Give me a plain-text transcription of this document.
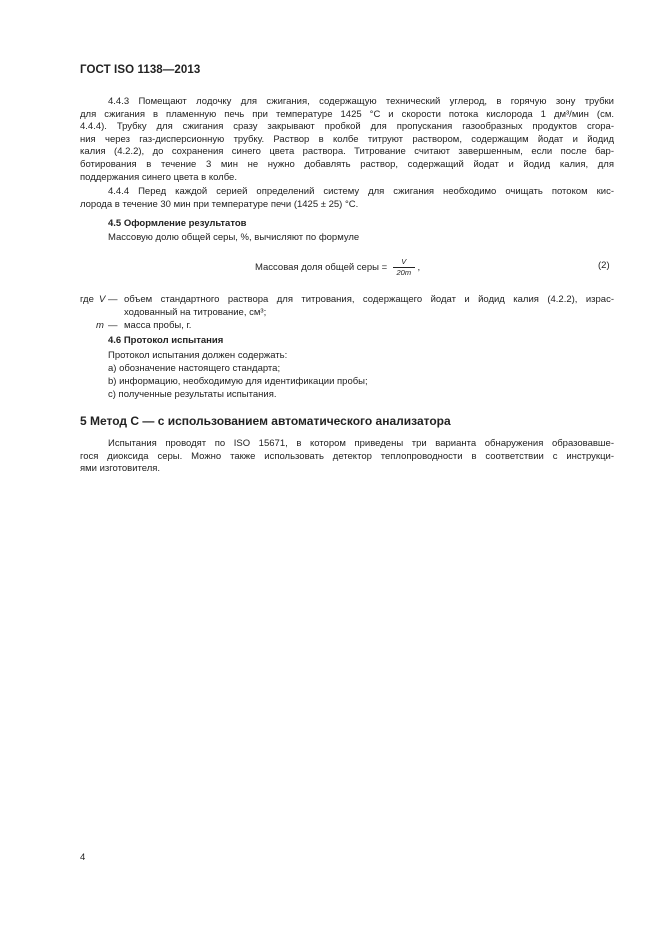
ГОСТ ISO 1138—2013
4.4.3 Помещают лодочку для сжигания, содержащую технический углерод, в горячую зону трубки
для сжигания в пламенную печь при температуре 1425 °C и скорости потока кислорода 1 дм³/мин (см.
4.4.4). Трубку для сжигания сразу закрывают пробкой для пропускания газообразных продуктов сгора-
ния через газ-дисперсионную трубку. Раствор в колбе титруют раствором, содержащим йодат и йодид
калия (4.2.2), до сохранения синего цвета раствора. Титрование считают завершенным, если после бар-
ботирования в течение 3 мин не нужно добавлять раствор, содержащий йодат и йодид калия, для
поддержания синего цвета в колбе.
4.4.4 Перед каждой серией определений систему для сжигания необходимо очищать потоком кис-
лорода в течение 30 мин при температуре печи (1425 ± 25) °C.
4.5 Оформление результатов
Массовую долю общей серы, %, вычисляют по формуле
Массовая доля общей серы = $\frac{V}{20m}$ ,	(2)
где V — объем стандартного раствора для титрования, содержащего йодат и йодид калия (4.2.2), израс-
ходованный на титрование, см³;
m — масса пробы, г.
4.6 Протокол испытания
Протокол испытания должен содержать:
a) обозначение настоящего стандарта;
b) информацию, необходимую для идентификации пробы;
c) полученные результаты испытания.
5 Метод С — с использованием автоматического анализатора
Испытания проводят по ISO 15671, в котором приведены три варианта обнаружения образовавше-
гося диоксида серы. Можно также использовать детектор теплопроводности в соответствии с инструкци-
ями изготовителя.
4
